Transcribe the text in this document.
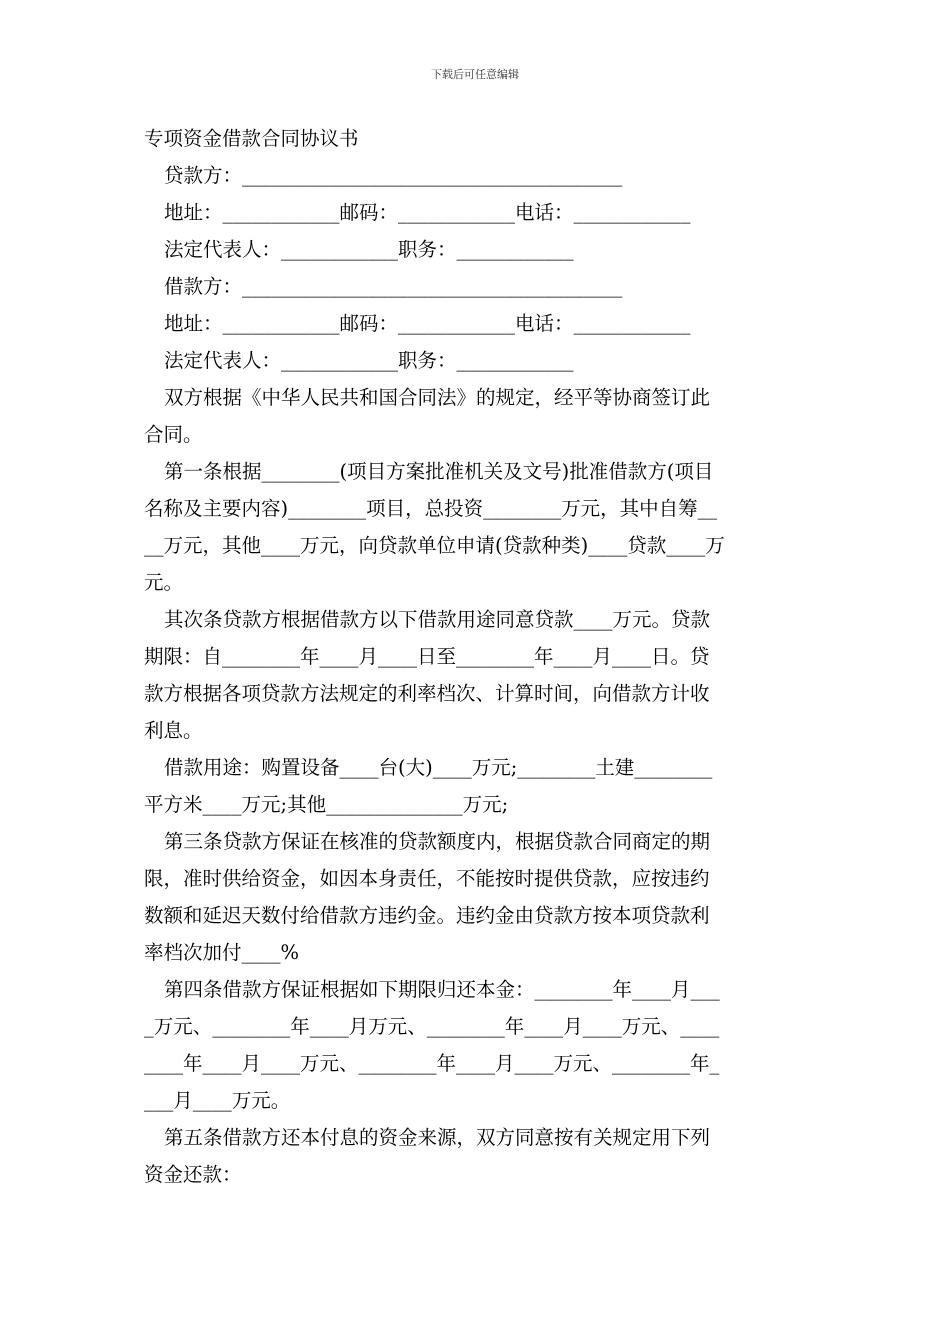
下载后可任意编辑
专项资金借款合同协议书
贷款方：_______________________________________
地址：____________邮码：____________电话：____________
法定代表人：____________职务：____________
借款方：_______________________________________
地址：____________邮码：____________电话：____________
法定代表人：____________职务：____________
双方根据《中华人民共和国合同法》的规定，经平等协商签订此
合同。
第一条根据________(项目方案批准机关及文号)批准借款方(项目
名称及主要内容)________项目，总投资________万元，其中自筹__
__万元，其他____万元，向贷款单位申请(贷款种类)____贷款____万
元。
其次条贷款方根据借款方以下借款用途同意贷款____万元。贷款
期限：自________年____月____日至________年____月____日。贷
款方根据各项贷款方法规定的利率档次、计算时间，向借款方计收
利息。
借款用途：购置设备____台(大)____万元;________土建________
平方米____万元;其他______________万元;
第三条贷款方保证在核准的贷款额度内，根据贷款合同商定的期
限，准时供给资金，如因本身责任，不能按时提供贷款，应按违约
数额和延迟天数付给借款方违约金。违约金由贷款方按本项贷款利
率档次加付____%
第四条借款方保证根据如下期限归还本金：________年____月___
_万元、________年____月万元、________年____月____万元、____
____年____月____万元、________年____月____万元、________年_
___月____万元。
第五条借款方还本付息的资金来源，双方同意按有关规定用下列
资金还款：
